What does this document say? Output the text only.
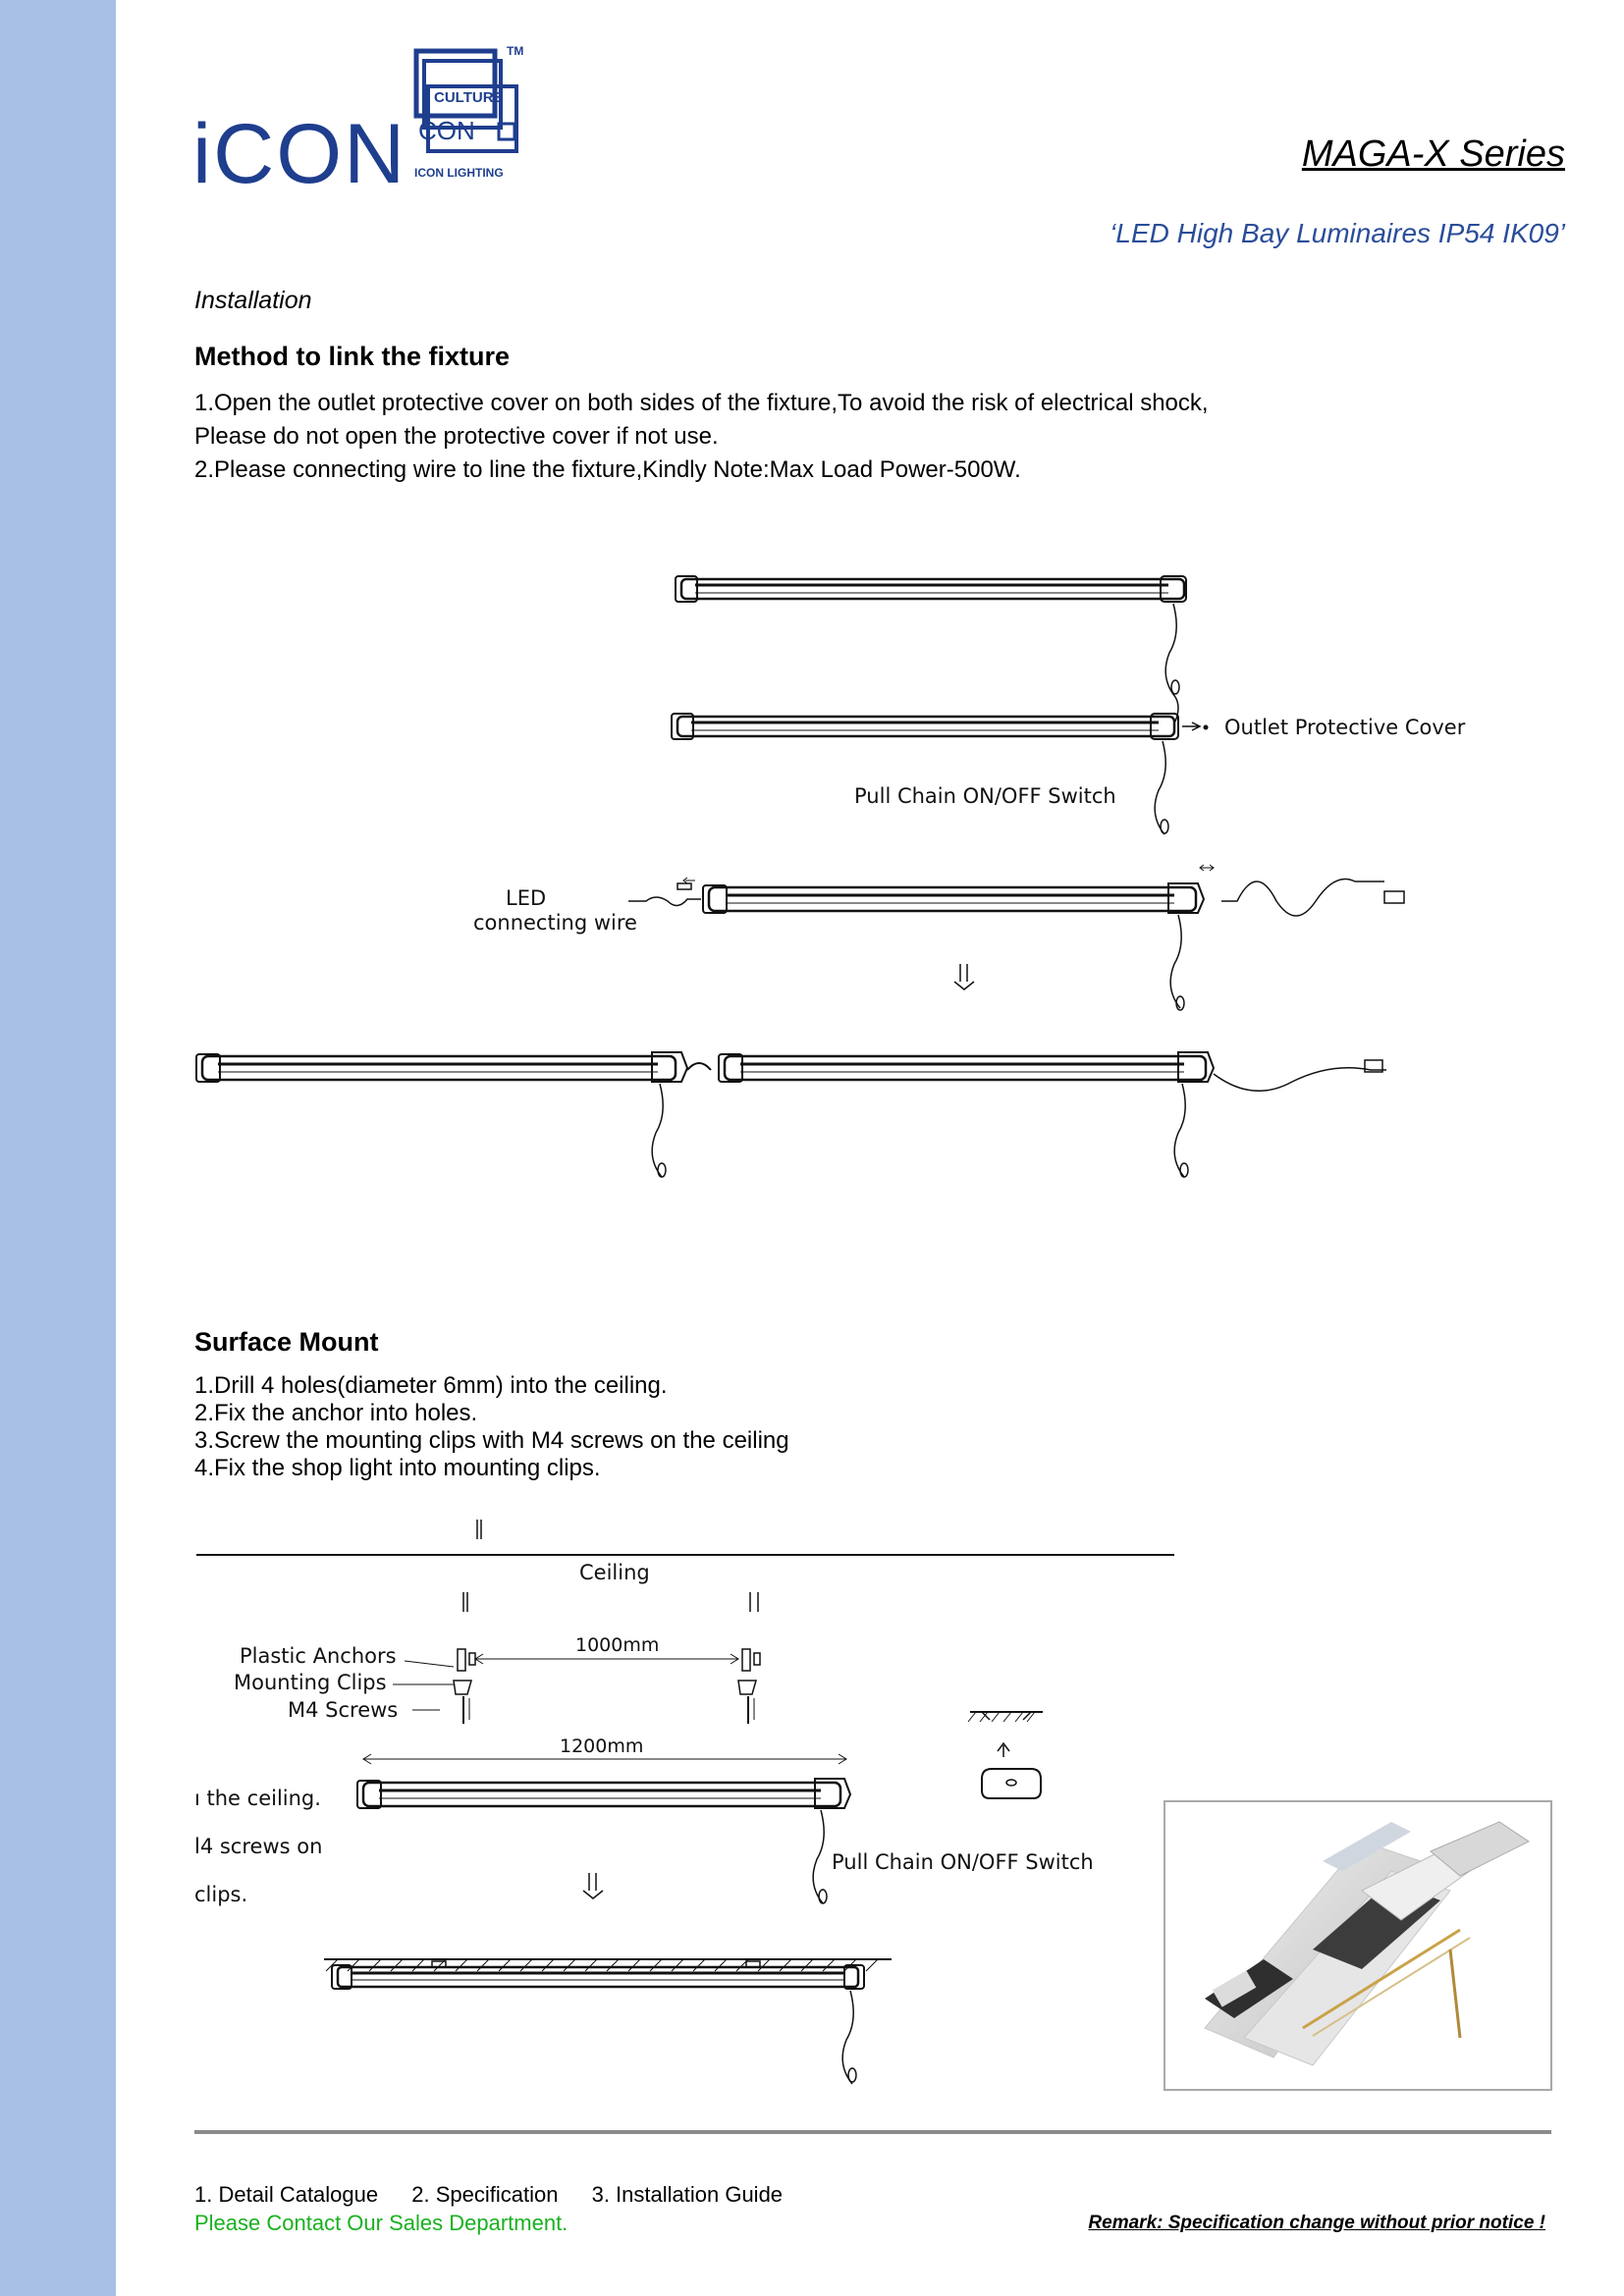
iCON
TM
CULTURE
CON
ICON LIGHTING	MAGA-X Series
‘LED High Bay Luminaires IP54 IK09’
Installation
Method to link the fixture
1.Open the outlet protective cover on both sides of the fixture,To avoid the risk of electrical shock,
Please do not open the protective cover if not use.
2.Please connecting wire to line the fixture,Kindly Note:Max Load Power-500W.
Outlet Protective Cover
Pull Chain ON/OFF Switch
LED
connecting wire
Surface Mount
1.Drill 4 holes(diameter 6mm) into the ceiling.
2.Fix the anchor into holes.
3.Screw the mounting clips with M4 screws on the ceiling
4.Fix the shop light into mounting clips.
Ceiling
Plastic Anchors
Mounting Clips
M4 Screws
1000mm
1200mm
Pull Chain ON/OFF Switch
ı the ceiling.
l4 screws on
clips.
1. Detail Catalogue 2. Specification 3. Installation Guide
Please Contact Our Sales Department.	Remark: Specification change without prior notice !
